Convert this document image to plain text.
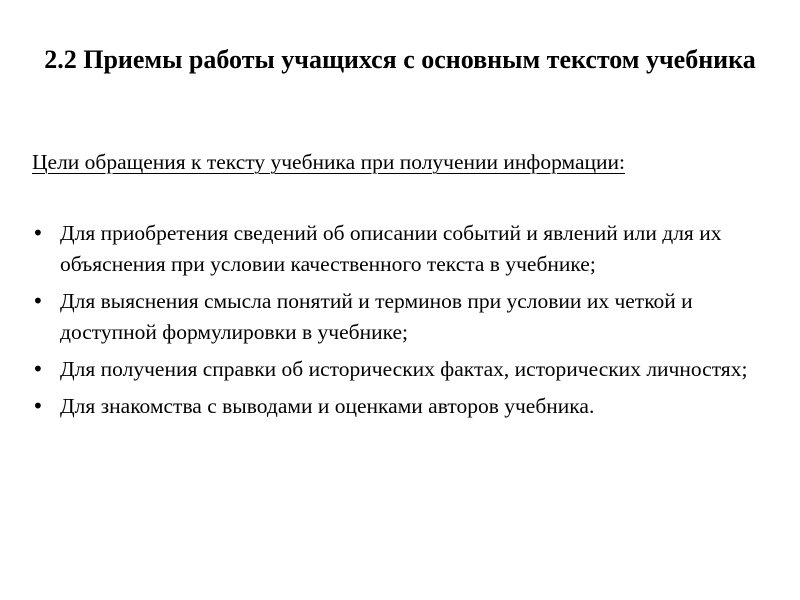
2.2 Приемы работы учащихся с основным текстом учебника

Цели обращения к тексту учебника при получении информации:

• Для приобретения сведений об описании событий и явлений или для их объяснения при условии качественного текста в учебнике;
• Для выяснения смысла понятий и терминов при условии их четкой и доступной формулировки в учебнике;
• Для получения справки об исторических фактах, исторических личностях;
• Для знакомства с выводами и оценками авторов учебника.
